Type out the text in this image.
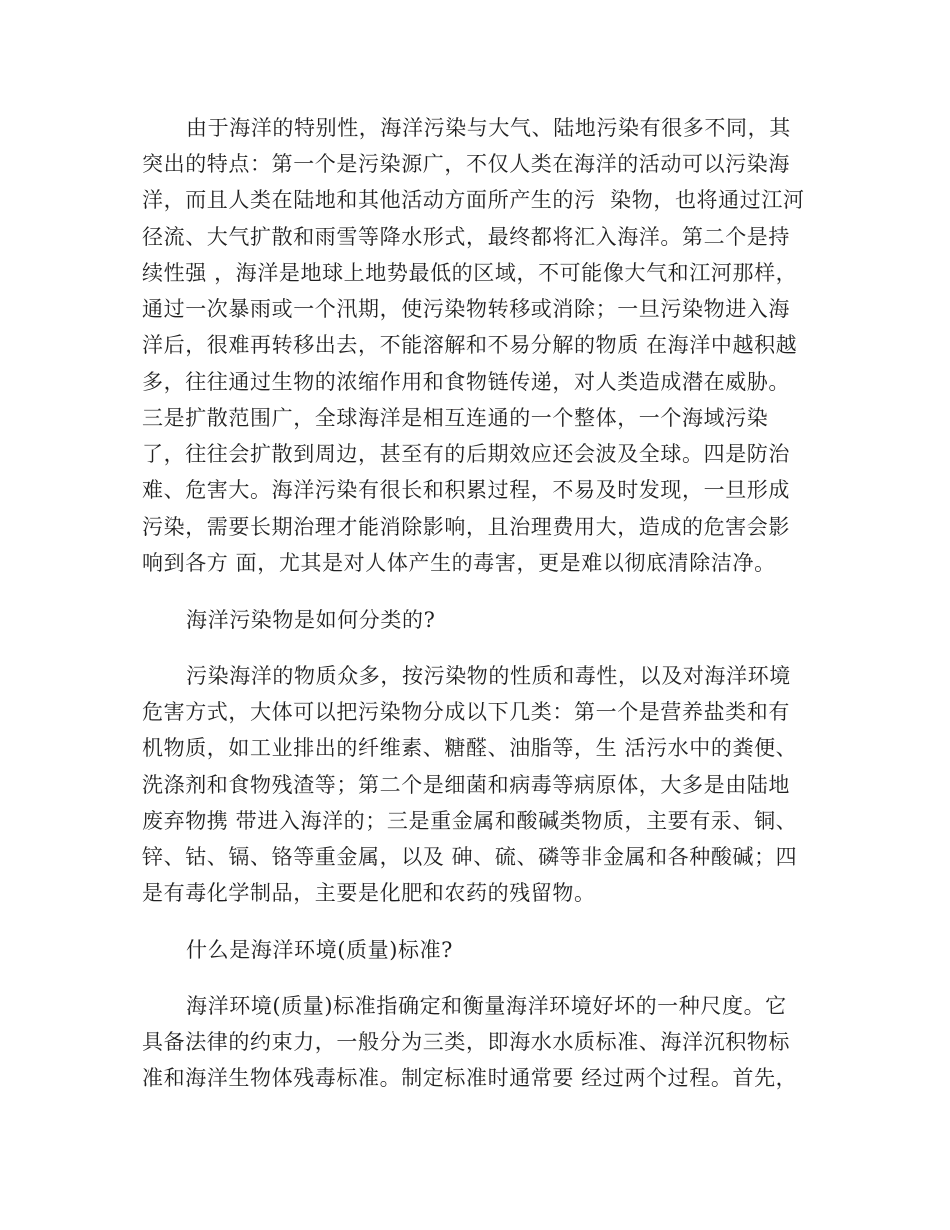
由于海洋的特别性，海洋污染与大气、陆地污染有很多不同，其
突出的特点：第一个是污染源广，不仅人类在海洋的活动可以污染海
洋，而且人类在陆地和其他活动方面所产生的污  染物，也将通过江河
径流、大气扩散和雨雪等降水形式，最终都将汇入海洋。第二个是持
续性强 ，海洋是地球上地势最低的区域，不可能像大气和江河那样，
通过一次暴雨或一个汛期，使污染物转移或消除；一旦污染物进入海
洋后，很难再转移出去，不能溶解和不易分解的物质 在海洋中越积越
多，往往通过生物的浓缩作用和食物链传递，对人类造成潜在威胁。
三是扩散范围广，全球海洋是相互连通的一个整体，一个海域污染
了，往往会扩散到周边，甚至有的后期效应还会波及全球。四是防治
难、危害大。海洋污染有很长和积累过程，不易及时发现，一旦形成
污染，需要长期治理才能消除影响，且治理费用大，造成的危害会影
响到各方 面，尤其是对人体产生的毒害，更是难以彻底清除洁净。
海洋污染物是如何分类的?
污染海洋的物质众多，按污染物的性质和毒性，以及对海洋环境
危害方式，大体可以把污染物分成以下几类：第一个是营养盐类和有
机物质，如工业排出的纤维素、糖醛、油脂等，生 活污水中的粪便、
洗涤剂和食物残渣等；第二个是细菌和病毒等病原体，大多是由陆地
废弃物携 带进入海洋的；三是重金属和酸碱类物质，主要有汞、铜、
锌、钴、镉、铬等重金属，以及 砷、硫、磷等非金属和各种酸碱；四
是有毒化学制品，主要是化肥和农药的残留物。
什么是海洋环境(质量)标准?
海洋环境(质量)标准指确定和衡量海洋环境好坏的一种尺度。它
具备法律的约束力，一般分为三类，即海水水质标准、海洋沉积物标
准和海洋生物体残毒标准。制定标准时通常要 经过两个过程。首先，
